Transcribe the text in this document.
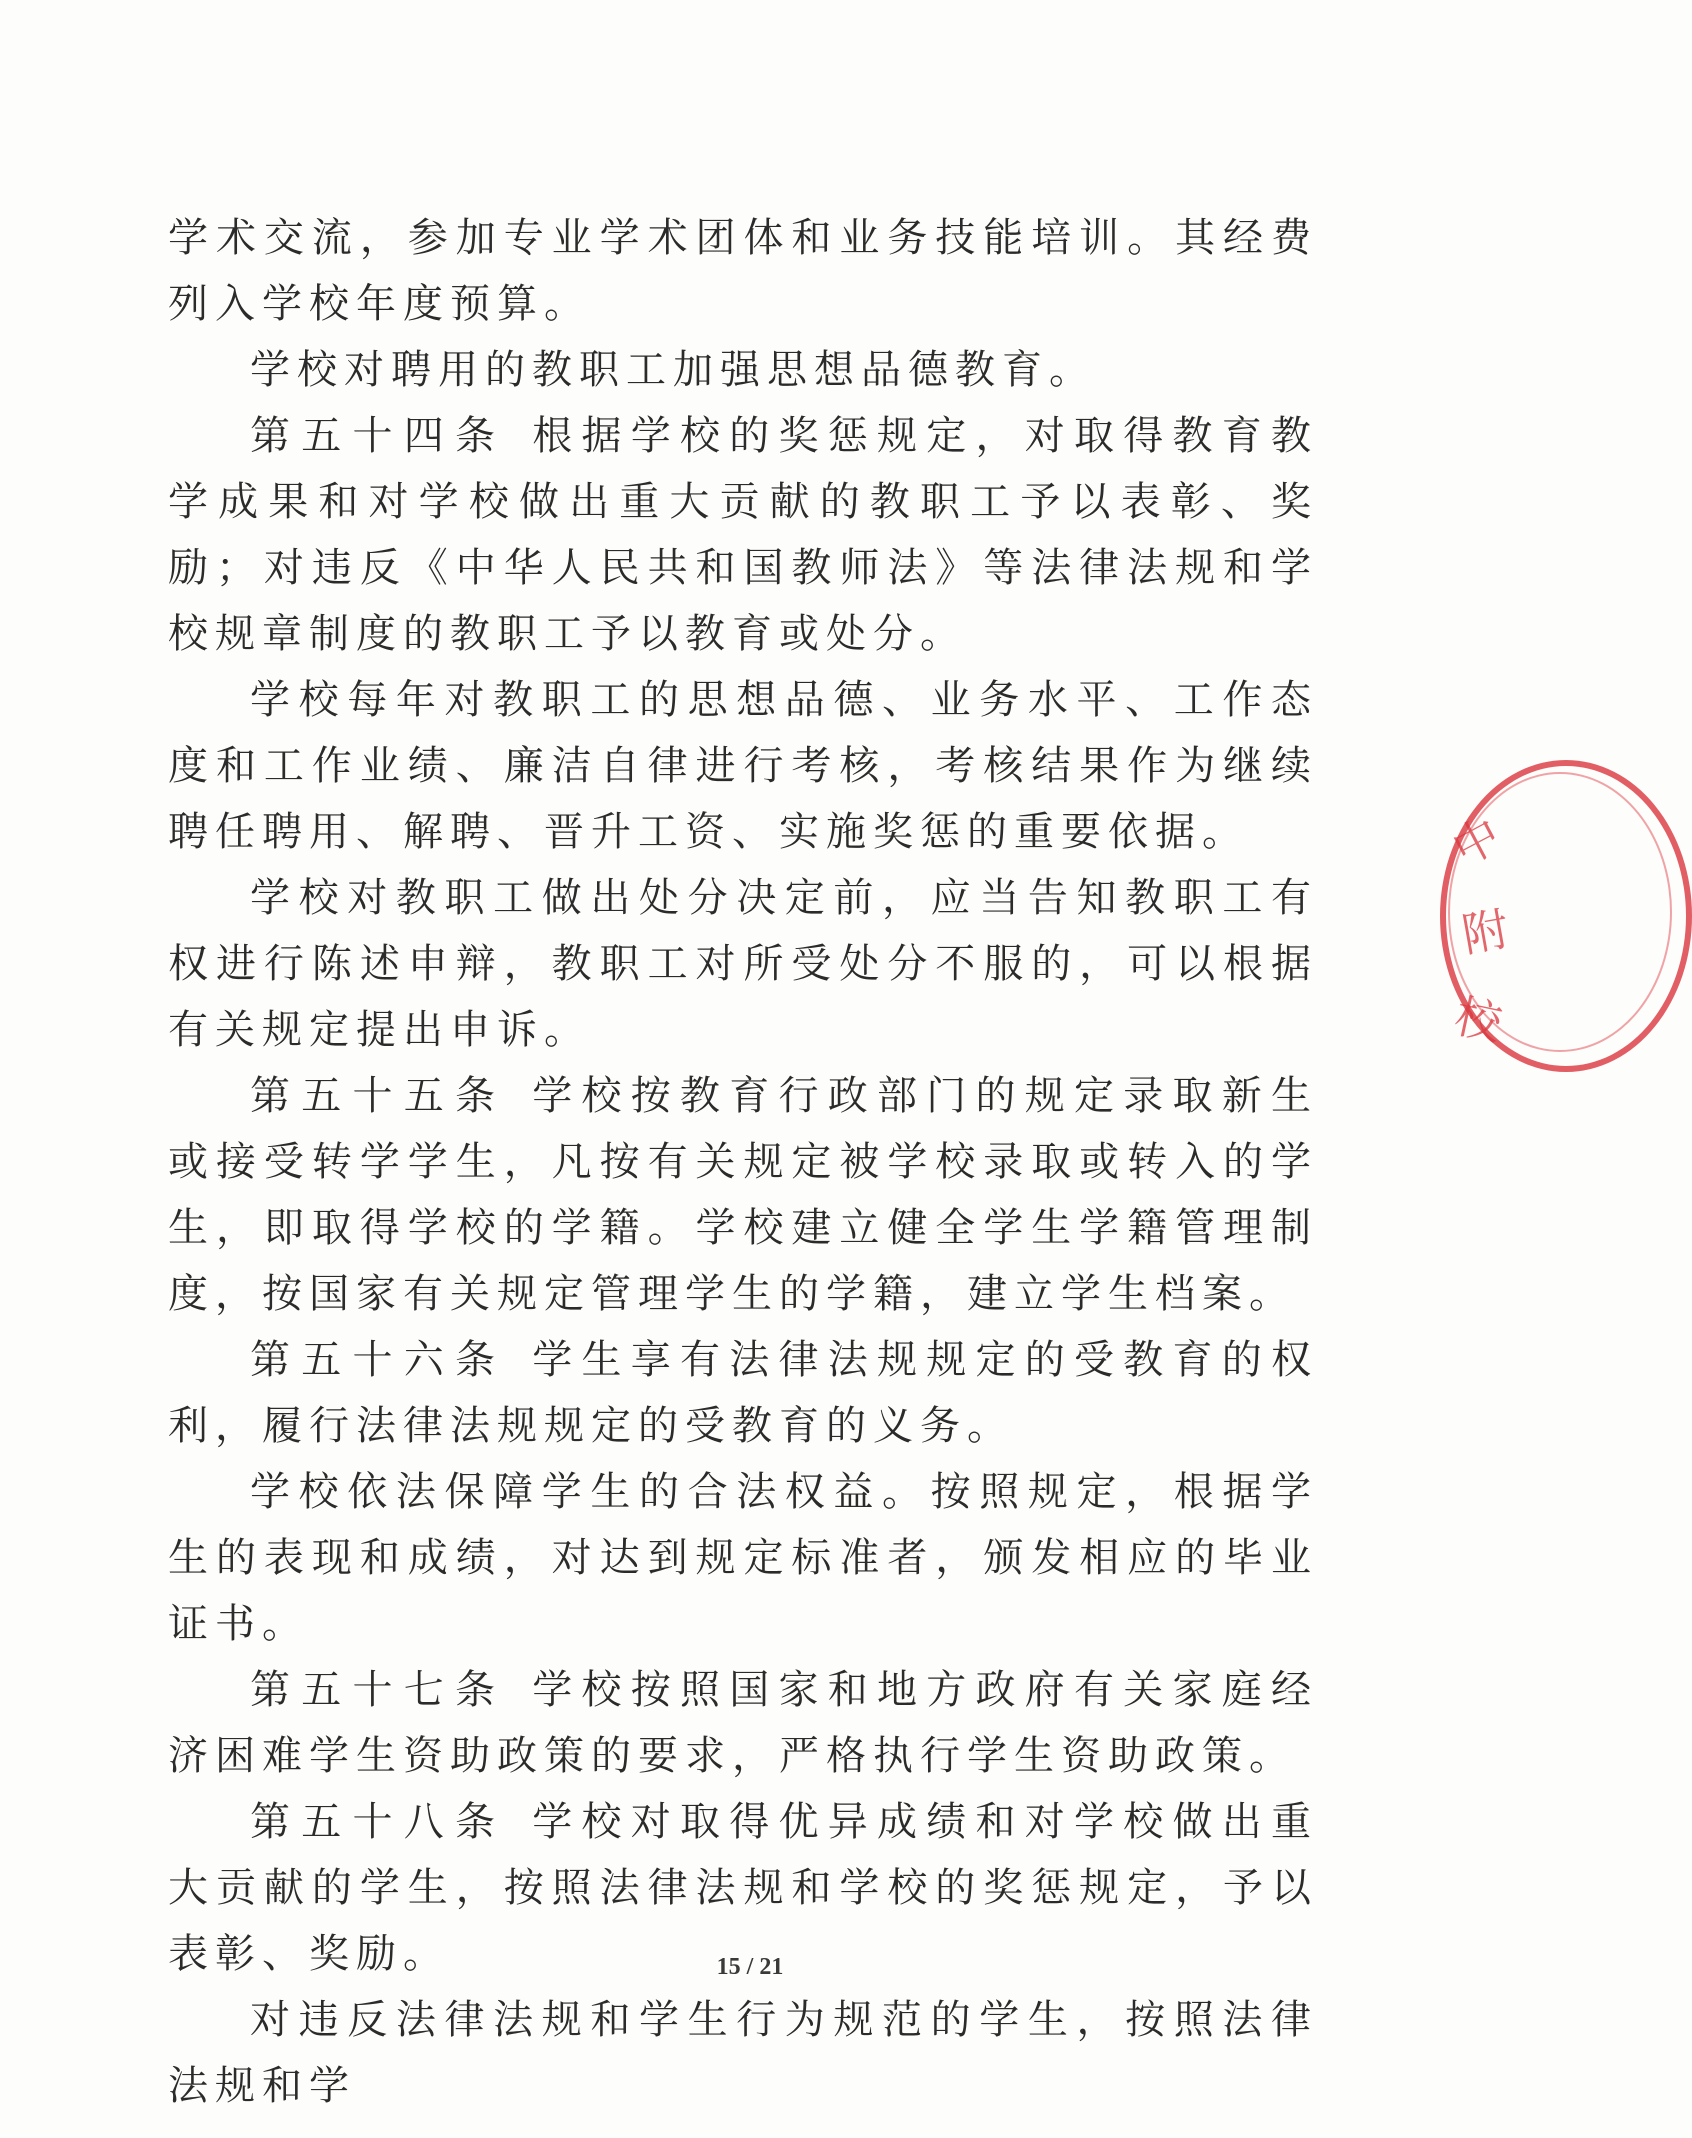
学术交流，参加专业学术团体和业务技能培训。其经费列入学校年度预算。

学校对聘用的教职工加强思想品德教育。

第五十四条 根据学校的奖惩规定，对取得教育教学成果和对学校做出重大贡献的教职工予以表彰、奖励；对违反《中华人民共和国教师法》等法律法规和学校规章制度的教职工予以教育或处分。

学校每年对教职工的思想品德、业务水平、工作态度和工作业绩、廉洁自律进行考核，考核结果作为继续聘任聘用、解聘、晋升工资、实施奖惩的重要依据。

学校对教职工做出处分决定前，应当告知教职工有权进行陈述申辩，教职工对所受处分不服的，可以根据有关规定提出申诉。

第五十五条 学校按教育行政部门的规定录取新生或接受转学学生，凡按有关规定被学校录取或转入的学生，即取得学校的学籍。学校建立健全学生学籍管理制度，按国家有关规定管理学生的学籍，建立学生档案。

第五十六条 学生享有法律法规规定的受教育的权利，履行法律法规规定的受教育的义务。

学校依法保障学生的合法权益。按照规定，根据学生的表现和成绩，对达到规定标准者，颁发相应的毕业证书。

第五十七条 学校按照国家和地方政府有关家庭经济困难学生资助政策的要求，严格执行学生资助政策。

第五十八条 学校对取得优异成绩和对学校做出重大贡献的学生，按照法律法规和学校的奖惩规定，予以表彰、奖励。

对违反法律法规和学生行为规范的学生，按照法律法规和学

15 / 21
中
附
校
